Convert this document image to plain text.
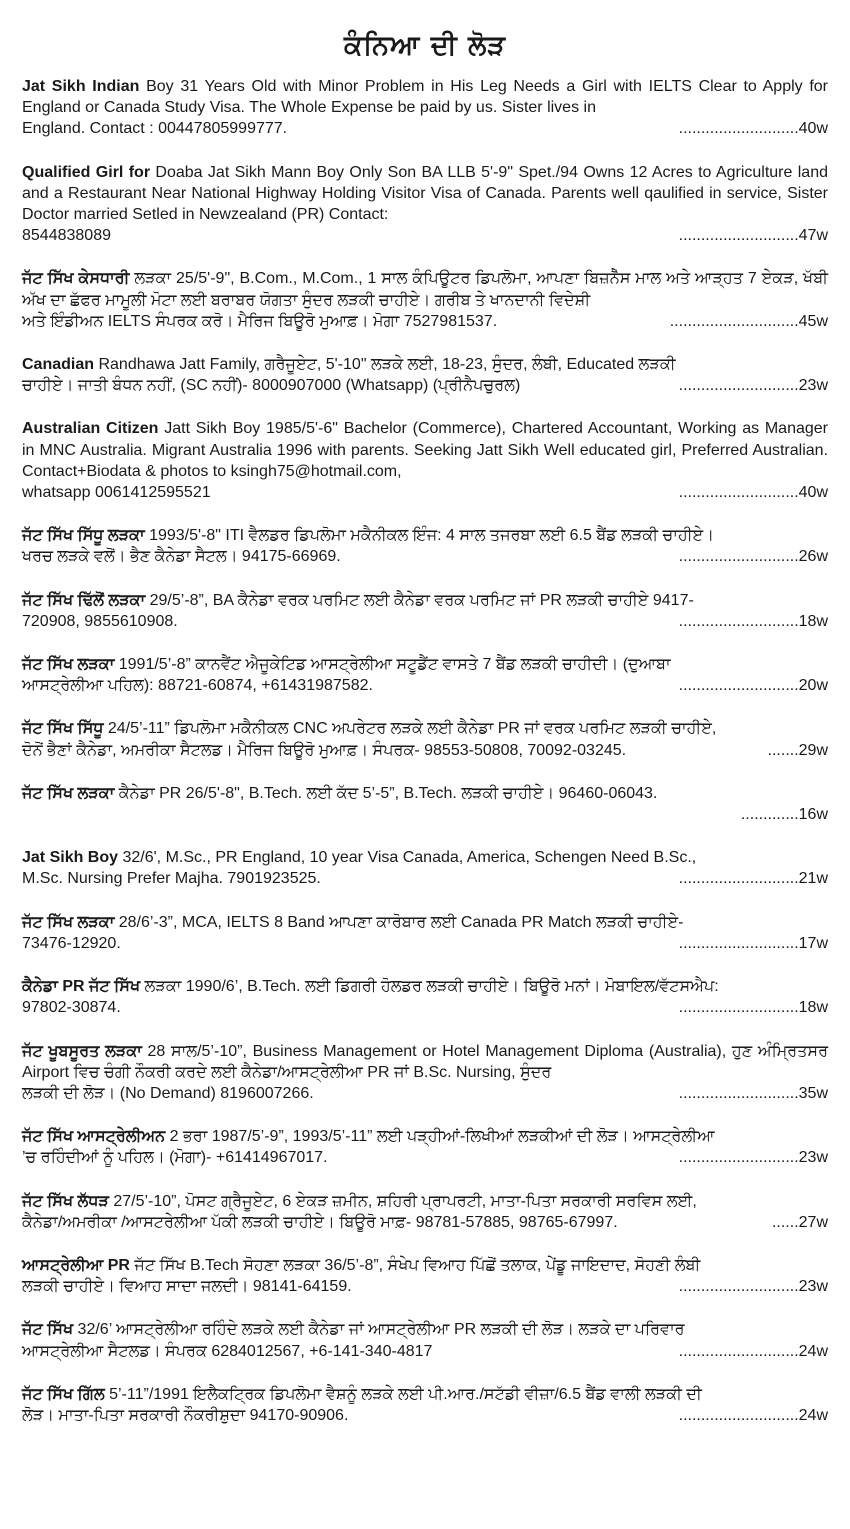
ਕੰਨਿਆ ਦੀ ਲੋੜ
Jat Sikh Indian Boy 31 Years Old with Minor Problem in His Leg Needs a Girl with IELTS Clear to Apply for England or Canada Study Visa. The Whole Expense be paid by us. Sister lives in
England. Contact : 00447805999777.	...........................40w
Qualified Girl for Doaba Jat Sikh Mann Boy Only Son BA LLB 5'-9" Spet./94 Owns 12 Acres to Agriculture land and a Restaurant Near National Highway Holding Visitor Visa of Canada. Parents well qaulified in service, Sister Doctor married Setled in Newzealand (PR) Contact:
8544838089	...........................47w
ਜੱਟ ਸਿੱਖ ਕੇਸਧਾਰੀ ਲੜਕਾ 25/5'-9", B.Com., M.Com., 1 ਸਾਲ ਕੰਪਿਊਟਰ ਡਿਪਲੋਮਾ, ਆਪਣਾ ਬਿਜ਼ਨੈੱਸ ਮਾਲ ਅਤੇ ਆੜ੍ਹਤ 7 ਏਕੜ, ਖੱਬੀ ਅੱਖ ਦਾ ਛੱਫਰ ਮਾਮੂਲੀ ਮੋਟਾ ਲਈ ਬਰਾਬਰ ਯੋਗਤਾ ਸੁੰਦਰ ਲੜਕੀ ਚਾਹੀਏ। ਗਰੀਬ ਤੇ ਖਾਨਦਾਨੀ ਵਿਦੇਸ਼ੀ
ਅਤੇ ਇੰਡੀਅਨ IELTS ਸੰਪਰਕ ਕਰੋ। ਮੈਰਿਜ ਬਿਊਰੋ ਮੁਆਫ਼। ਮੋਗਾ 7527981537.	.............................45w
Canadian Randhawa Jatt Family, ਗਰੈਜੂਏਟ, 5'-10" ਲੜਕੇ ਲਈ, 18-23, ਸੁੰਦਰ, ਲੰਬੀ, Educated ਲੜਕੀ
ਚਾਹੀਏ। ਜਾਤੀ ਬੰਧਨ ਨਹੀਂ, (SC ਨਹੀਂ)- 8000907000 (Whatsapp) (ਪ੍ਰੀਨੈਪਚੁਰਲ)	...........................23w
Australian Citizen Jatt Sikh Boy 1985/5'-6" Bachelor (Commerce), Chartered Accountant, Working as Manager in MNC Australia. Migrant Australia 1996 with parents. Seeking Jatt Sikh Well educated girl, Preferred Australian. Contact+Biodata & photos to ksingh75@hotmail.com,
whatsapp 0061412595521	...........................40w
ਜੱਟ ਸਿੱਖ ਸਿੱਧੂ ਲੜਕਾ 1993/5'-8" ITI ਵੈਲਡਰ ਡਿਪਲੋਮਾ ਮਕੈਨੀਕਲ ਇੰਜ: 4 ਸਾਲ ਤਜਰਬਾ ਲਈ 6.5 ਬੈਂਡ ਲੜਕੀ ਚਾਹੀਏ।
ਖਰਚ ਲੜਕੇ ਵਲੋਂ। ਭੈਣ ਕੈਨੇਡਾ ਸੈਟਲ। 94175-66969.	...........................26w
ਜੱਟ ਸਿੱਖ ਢਿੱਲੋਂ ਲੜਕਾ 29/5’-8”, BA ਕੈਨੇਡਾ ਵਰਕ ਪਰਮਿਟ ਲਈ ਕੈਨੇਡਾ ਵਰਕ ਪਰਮਿਟ ਜਾਂ PR ਲੜਕੀ ਚਾਹੀਏ 9417-
720908, 9855610908.	...........................18w
ਜੱਟ ਸਿੱਖ ਲੜਕਾ 1991/5’-8” ਕਾਨਵੈਂਟ ਐਜੂਕੇਟਿਡ ਆਸਟ੍ਰੇਲੀਆ ਸਟੂਡੈਂਟ ਵਾਸਤੇ 7 ਬੈਂਡ ਲੜਕੀ ਚਾਹੀਦੀ। (ਦੁਆਬਾ
ਆਸਟ੍ਰੇਲੀਆ ਪਹਿਲ): 88721-60874, +61431987582.	...........................20w
ਜੱਟ ਸਿੱਖ ਸਿੱਧੂ 24/5’-11” ਡਿਪਲੋਮਾ ਮਕੈਨੀਕਲ CNC ਅਪਰੇਟਰ ਲੜਕੇ ਲਈ ਕੈਨੇਡਾ PR ਜਾਂ ਵਰਕ ਪਰਮਿਟ ਲੜਕੀ ਚਾਹੀਏ,
ਦੋਨੋਂ ਭੈਣਾਂ ਕੈਨੇਡਾ, ਅਮਰੀਕਾ ਸੈਟਲਡ। ਮੈਰਿਜ ਬਿਊਰੋ ਮੁਆਫ਼। ਸੰਪਰਕ- 98553-50808, 70092-03245.	.......29w
ਜੱਟ ਸਿੱਖ ਲੜਕਾ ਕੈਨੇਡਾ PR 26/5'-8", B.Tech. ਲਈ ਕੱਦ 5’-5”, B.Tech. ਲੜਕੀ ਚਾਹੀਏ। 96460-06043.
.............16w
Jat Sikh Boy 32/6', M.Sc., PR England, 10 year Visa Canada, America, Schengen Need B.Sc.,
M.Sc. Nursing Prefer Majha. 7901923525.	...........................21w
ਜੱਟ ਸਿੱਖ ਲੜਕਾ 28/6’-3”, MCA, IELTS 8 Band ਆਪਣਾ ਕਾਰੋਬਾਰ ਲਈ Canada PR Match ਲੜਕੀ ਚਾਹੀਏ-
73476-12920.	...........................17w
ਕੈਨੇਡਾ PR ਜੱਟ ਸਿੱਖ ਲੜਕਾ 1990/6’, B.Tech. ਲਈ ਡਿਗਰੀ ਹੋਲਡਰ ਲੜਕੀ ਚਾਹੀਏ। ਬਿਊਰੋ ਮਨਾਂ। ਮੋਬਾਇਲ/ਵੱਟਸਐਪ:
97802-30874.	...........................18w
ਜੱਟ ਖੂਬਸੂਰਤ ਲੜਕਾ 28 ਸਾਲ/5’-10”, Business Management or Hotel Management Diploma (Australia), ਹੁਣ ਅੰਮ੍ਰਿਤਸਰ Airport ਵਿਚ ਚੰਗੀ ਨੌਕਰੀ ਕਰਦੇ ਲਈ ਕੈਨੇਡਾ/ਆਸਟ੍ਰੇਲੀਆ PR ਜਾਂ B.Sc. Nursing, ਸੁੰਦਰ
ਲੜਕੀ ਦੀ ਲੋੜ। (No Demand) 8196007266.	...........................35w
ਜੱਟ ਸਿੱਖ ਆਸਟ੍ਰੇਲੀਅਨ 2 ਭਰਾ 1987/5’-9”, 1993/5’-11” ਲਈ ਪੜ੍ਹੀਆਂ-ਲਿਖੀਆਂ ਲੜਕੀਆਂ ਦੀ ਲੋੜ। ਆਸਟ੍ਰੇਲੀਆ
’ਚ ਰਹਿੰਦੀਆਂ ਨੂੰ ਪਹਿਲ। (ਮੋਗਾ)- +61414967017.	...........................23w
ਜੱਟ ਸਿੱਖ ਲੱਧੜ 27/5’-10”, ਪੋਸਟ ਗ੍ਰੈਜੂਏਟ, 6 ਏਕੜ ਜ਼ਮੀਨ, ਸ਼ਹਿਰੀ ਪ੍ਰਾਪਰਟੀ, ਮਾਤਾ-ਪਿਤਾ ਸਰਕਾਰੀ ਸਰਵਿਸ ਲਈ,
ਕੈਨੇਡਾ/ਅਮਰੀਕਾ /ਆਸਟਰੇਲੀਆ ਪੱਕੀ ਲੜਕੀ ਚਾਹੀਏ। ਬਿਊਰੋ ਮਾਫ਼- 98781-57885, 98765-67997.	......27w
ਆਸਟ੍ਰੇਲੀਆ PR ਜੱਟ ਸਿੱਖ B.Tech ਸੋਹਣਾ ਲੜਕਾ 36/5’-8”, ਸੰਖੇਪ ਵਿਆਹ ਪਿੱਛੋਂ ਤਲਾਕ, ਪੇਂਡੂ ਜਾਇਦਾਦ, ਸੋਹਣੀ ਲੰਬੀ
ਲੜਕੀ ਚਾਹੀਏ। ਵਿਆਹ ਸਾਦਾ ਜਲਦੀ। 98141-64159.	...........................23w
ਜੱਟ ਸਿੱਖ 32/6’ ਆਸਟ੍ਰੇਲੀਆ ਰਹਿੰਦੇ ਲੜਕੇ ਲਈ ਕੈਨੇਡਾ ਜਾਂ ਆਸਟ੍ਰੇਲੀਆ PR ਲੜਕੀ ਦੀ ਲੋੜ। ਲੜਕੇ ਦਾ ਪਰਿਵਾਰ
ਆਸਟ੍ਰੇਲੀਆ ਸੈਟਲਡ। ਸੰਪਰਕ 6284012567, +6-141-340-4817	...........................24w
ਜੱਟ ਸਿੱਖ ਗਿੱਲ 5’-11”/1991 ਇਲੈਕਟ੍ਰਿਕ ਡਿਪਲੋਮਾ ਵੈਸ਼ਨੂੰ ਲੜਕੇ ਲਈ ਪੀ.ਆਰ./ਸਟੱਡੀ ਵੀਜ਼ਾ/6.5 ਬੈਂਡ ਵਾਲੀ ਲੜਕੀ ਦੀ
ਲੋੜ। ਮਾਤਾ-ਪਿਤਾ ਸਰਕਾਰੀ ਨੌਕਰੀਸ਼ੁਦਾ 94170-90906.	...........................24w
